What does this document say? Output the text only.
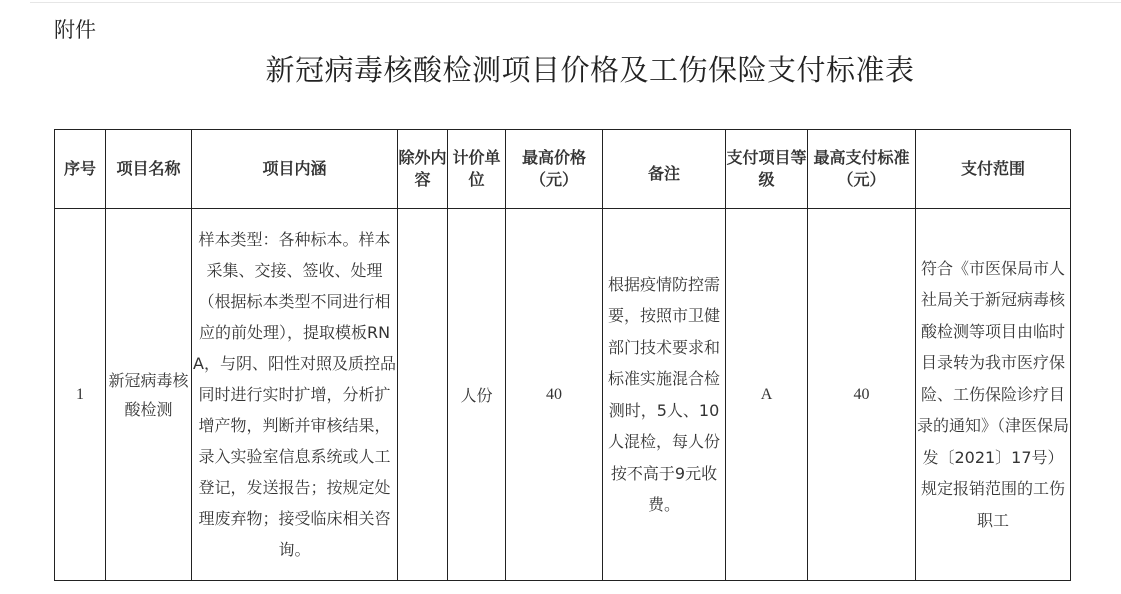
附件
新冠病毒核酸检测项目价格及工伤保险支付标准表
序号	项目名称	项目内涵	除外内容	计价单位	最高价格（元）	备注	支付项目等级	最高支付标准（元）	支付范围
1	新冠病毒核酸检测	样本类型：各种标本。样本采集、交接、签收、处理（根据标本类型不同进行相应的前处理），提取模板RNA，与阴、阳性对照及质控品同时进行实时扩增，分析扩增产物，判断并审核结果，录入实验室信息系统或人工登记，发送报告；按规定处理废弃物；接受临床相关咨询。		人份	40	根据疫情防控需要，按照市卫健部门技术要求和标准实施混合检测时，5人、10人混检，每人份按不高于9元收费。	A	40	符合《市医保局市人社局关于新冠病毒核酸检测等项目由临时目录转为我市医疗保险、工伤保险诊疗目录的通知》（津医保局发〔2021〕17号）规定报销范围的工伤职工
